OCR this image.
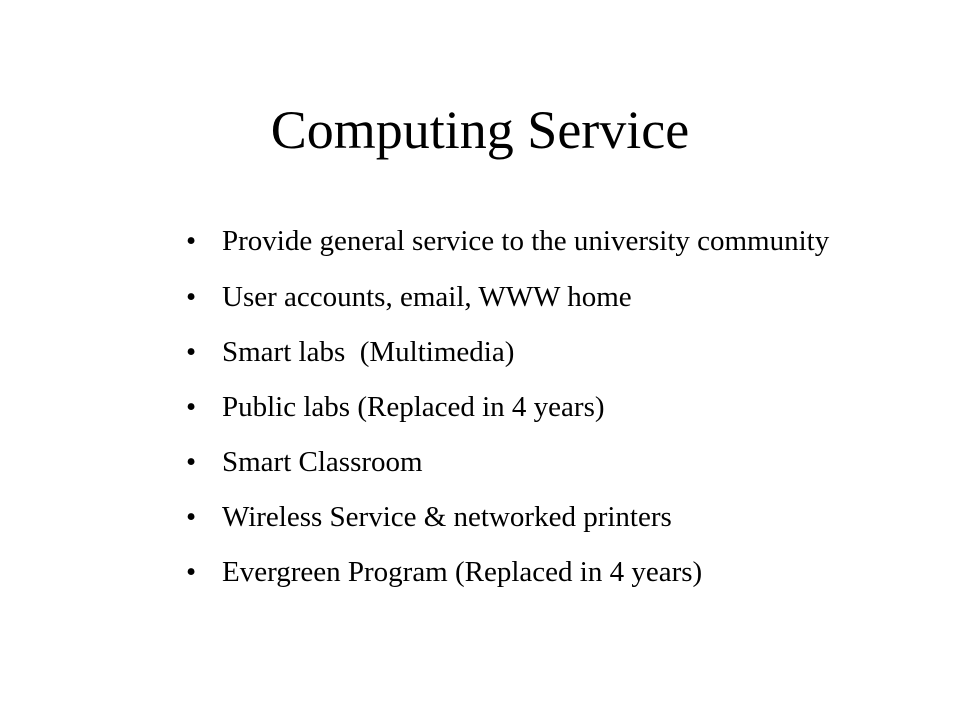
Computing Service
• Provide general service to the university community
• User accounts, email, WWW home
• Smart labs  (Multimedia)
• Public labs (Replaced in 4 years)
• Smart Classroom
• Wireless Service & networked printers
• Evergreen Program (Replaced in 4 years)
